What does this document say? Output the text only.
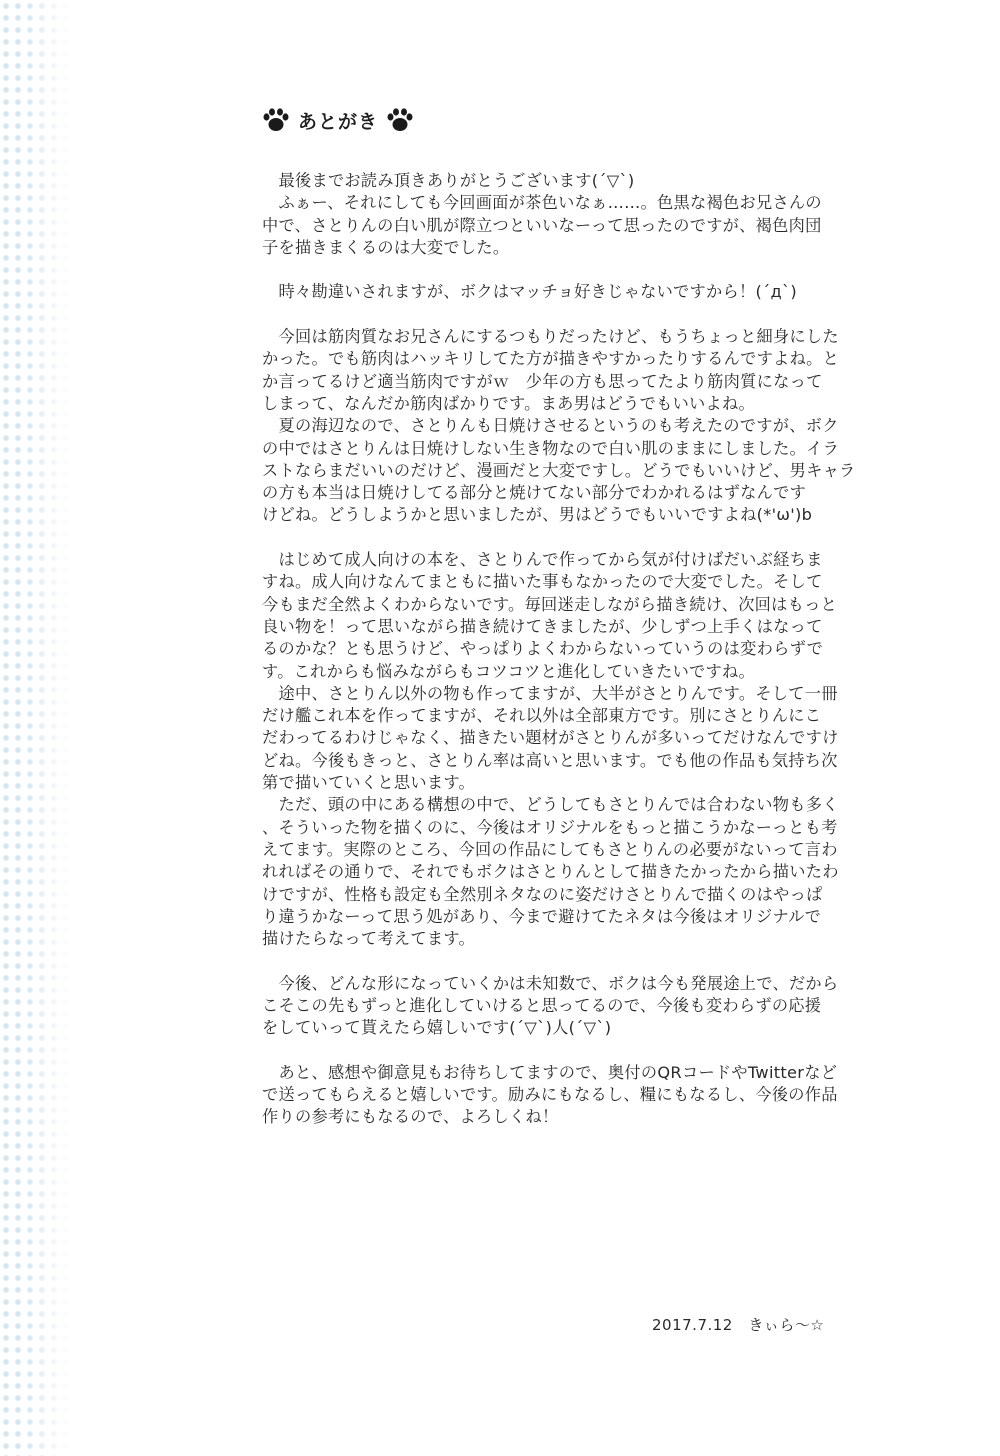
あとがき

　最後までお読み頂きありがとうございます(´▽`)

　ふぁー、それにしても今回画面が茶色いなぁ……。色黒な褐色お兄さんの

中で、さとりんの白い肌が際立つといいなーって思ったのですが、褐色肉団

子を描きまくるのは大変でした。

　時々勘違いされますが、ボクはマッチョ好きじゃないですから！(´д`)

　今回は筋肉質なお兄さんにするつもりだったけど、もうちょっと細身にした

かった。でも筋肉はハッキリしてた方が描きやすかったりするんですよね。と

か言ってるけど適当筋肉ですがｗ　少年の方も思ってたより筋肉質になって

しまって、なんだか筋肉ばかりです。まあ男はどうでもいいよね。

　夏の海辺なので、さとりんも日焼けさせるというのも考えたのですが、ボク

の中ではさとりんは日焼けしない生き物なので白い肌のままにしました。イラ

ストならまだいいのだけど、漫画だと大変ですし。どうでもいいけど、男キャラ

の方も本当は日焼けしてる部分と焼けてない部分でわかれるはずなんです

けどね。どうしようかと思いましたが、男はどうでもいいですよね(*'ω')b

　はじめて成人向けの本を、さとりんで作ってから気が付けばだいぶ経ちま

すね。成人向けなんてまともに描いた事もなかったので大変でした。そして

今もまだ全然よくわからないです。毎回迷走しながら描き続け、次回はもっと

良い物を！って思いながら描き続けてきましたが、少しずつ上手くはなって

るのかな？とも思うけど、やっぱりよくわからないっていうのは変わらずで

す。これからも悩みながらもコツコツと進化していきたいですね。

　途中、さとりん以外の物も作ってますが、大半がさとりんです。そして一冊

だけ艦これ本を作ってますが、それ以外は全部東方です。別にさとりんにこ

だわってるわけじゃなく、描きたい題材がさとりんが多いってだけなんですけ

どね。今後もきっと、さとりん率は高いと思います。でも他の作品も気持ち次

第で描いていくと思います。

　ただ、頭の中にある構想の中で、どうしてもさとりんでは合わない物も多く

、そういった物を描くのに、今後はオリジナルをもっと描こうかなーっとも考

えてます。実際のところ、今回の作品にしてもさとりんの必要がないって言わ

れればその通りで、それでもボクはさとりんとして描きたかったから描いたわ

けですが、性格も設定も全然別ネタなのに姿だけさとりんで描くのはやっぱ

り違うかなーって思う処があり、今まで避けてたネタは今後はオリジナルで

描けたらなって考えてます。

　今後、どんな形になっていくかは未知数で、ボクは今も発展途上で、だから

こそこの先もずっと進化していけると思ってるので、今後も変わらずの応援

をしていって貰えたら嬉しいです(´▽`)人(´▽`)

　あと、感想や御意見もお待ちしてますので、奥付のQRコードやTwitterなど

で送ってもらえると嬉しいです。励みにもなるし、糧にもなるし、今後の作品

作りの参考にもなるので、よろしくね！

2017.7.12　 きぃら～☆
